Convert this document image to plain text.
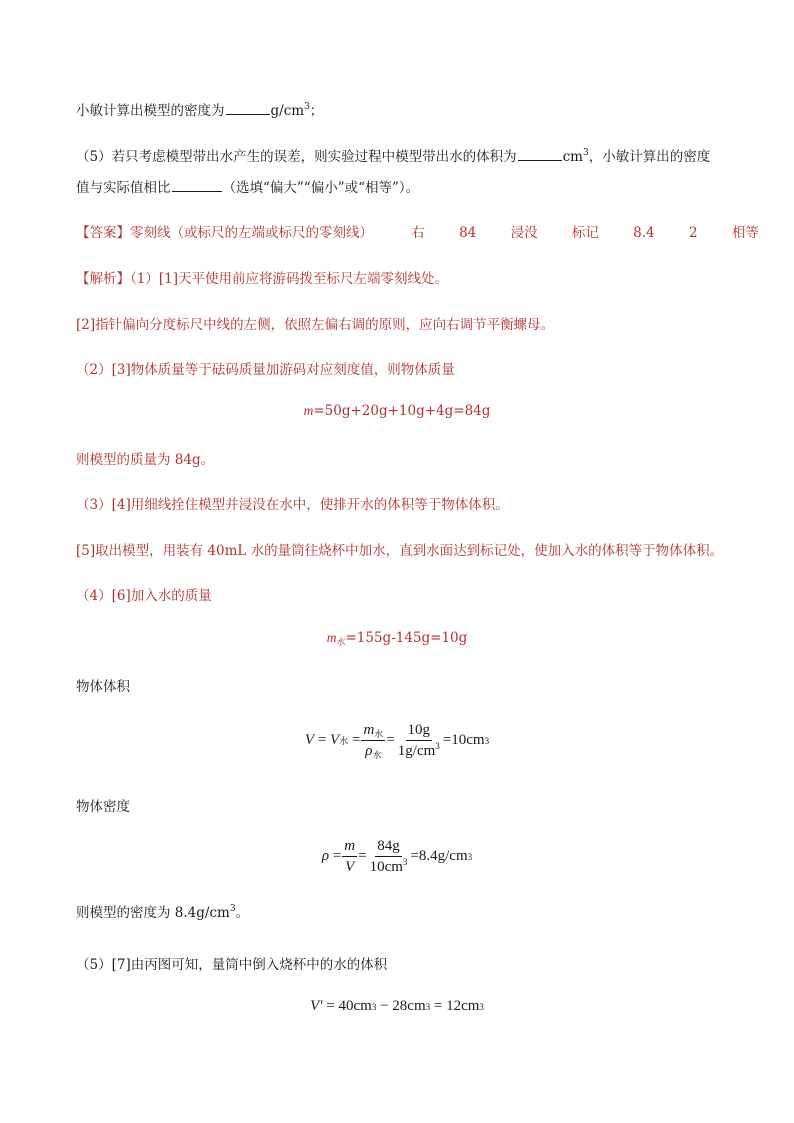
小敏计算出模型的密度为	$g/cm^3$；
（5）若只考虑模型带出水产生的误差，则实验过程中模型带出水的体积为	$cm^3$，小敏计算出的密度
值与实际值相比	（选填“偏大”“偏小”或“相等”）。
【答案】零刻线（或标尺的左端或标尺的零刻线）	右	84	浸没	标记	8.4	2	相等
【解析】（1）[1]天平使用前应将游码拨至标尺左端零刻线处。
[2]指针偏向分度标尺中线的左侧，依照左偏右调的原则，应向右调节平衡螺母。
（2）[3]物体质量等于砝码质量加游码对应刻度值，则物体质量
m=50g+20g+10g+4g=84g
则模型的质量为 84g。
（3）[4]用细线拴住模型并浸没在水中，使排开水的体积等于物体体积。
[5]取出模型，用装有 40mL 水的量筒往烧杯中加水，直到水面达到标记处，使加入水的体积等于物体体积。
（4）[6]加入水的质量
$m_水=155g-145g=10g$
物体体积
V = V 水 = $\frac{m_水}{\rho_水} = \frac{10g}{1g/cm^3} =10cm$ 3
物体密度
$\rho = \frac{m}{V} = \frac{84g}{10cm^3} =8.4g/cm$ 3
则模型的密度为 $8.4g/cm^3$。
（5）[7]由丙图可知，量筒中倒入烧杯中的水的体积
V′ = 40cm 3 − 28cm 3 = 12cm 3
